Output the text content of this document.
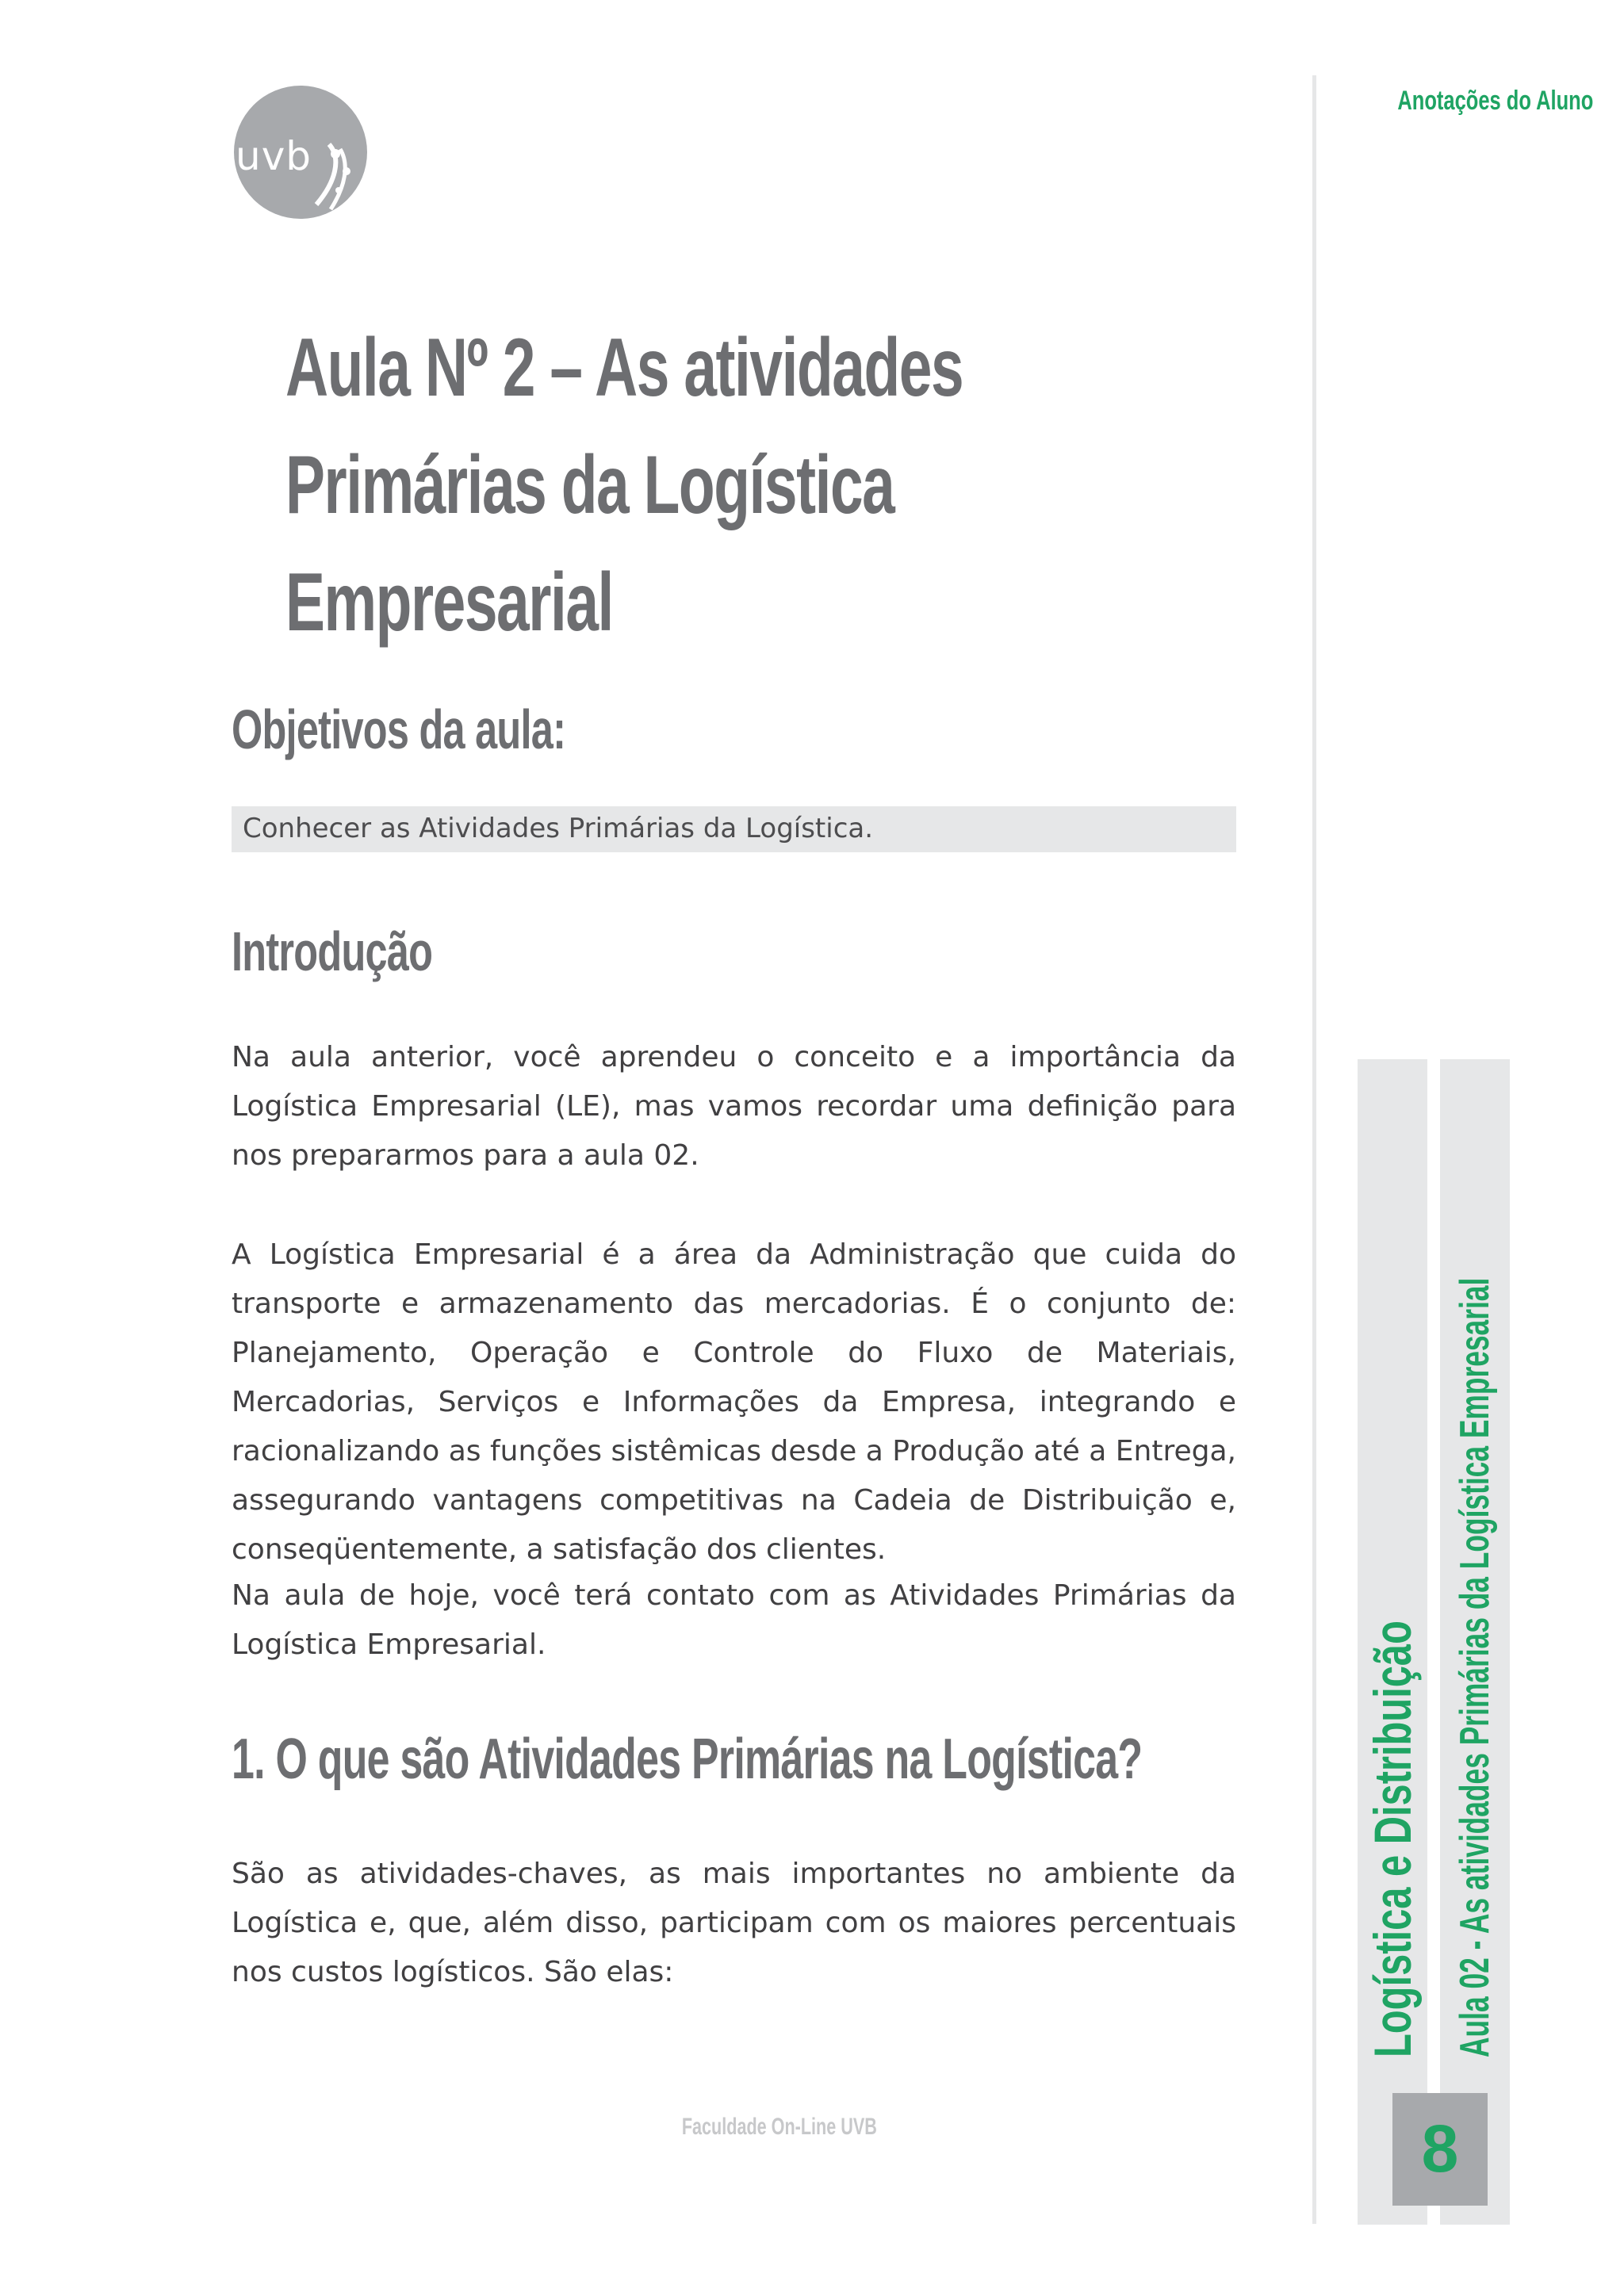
uvb
Aula Nº 2 – As atividades
Primárias da Logística
Empresarial
Objetivos da aula:
Conhecer as Atividades Primárias da Logística.
Introdução

Na aula anterior, você aprendeu o conceito e a importância da Logística Empresarial (LE), mas vamos recordar uma definição para nos prepararmos para a aula 02.

A Logística Empresarial é a área da Administração que cuida do transporte e armazenamento das mercadorias. É o conjunto de: Planejamento, Operação e Controle do Fluxo de Materiais, Mercadorias, Serviços e Informações da Empresa, integrando e racionalizando as funções sistêmicas desde a Produção até a Entrega, assegurando vantagens competitivas na Cadeia de Distribuição e, conseqüentemente, a satisfação dos clientes.

Na aula de hoje, você terá contato com as Atividades Primárias da Logística Empresarial.

1. O que são Atividades Primárias na Logística?

São as atividades-chaves, as mais importantes no ambiente da Logística e, que, além disso, participam com os maiores percentuais nos custos logísticos. São elas:

Faculdade On-Line UVB
Anotações do Aluno
Logística e Distribuição Aula 02 - As atividades Primárias da Logística Empresarial
8
